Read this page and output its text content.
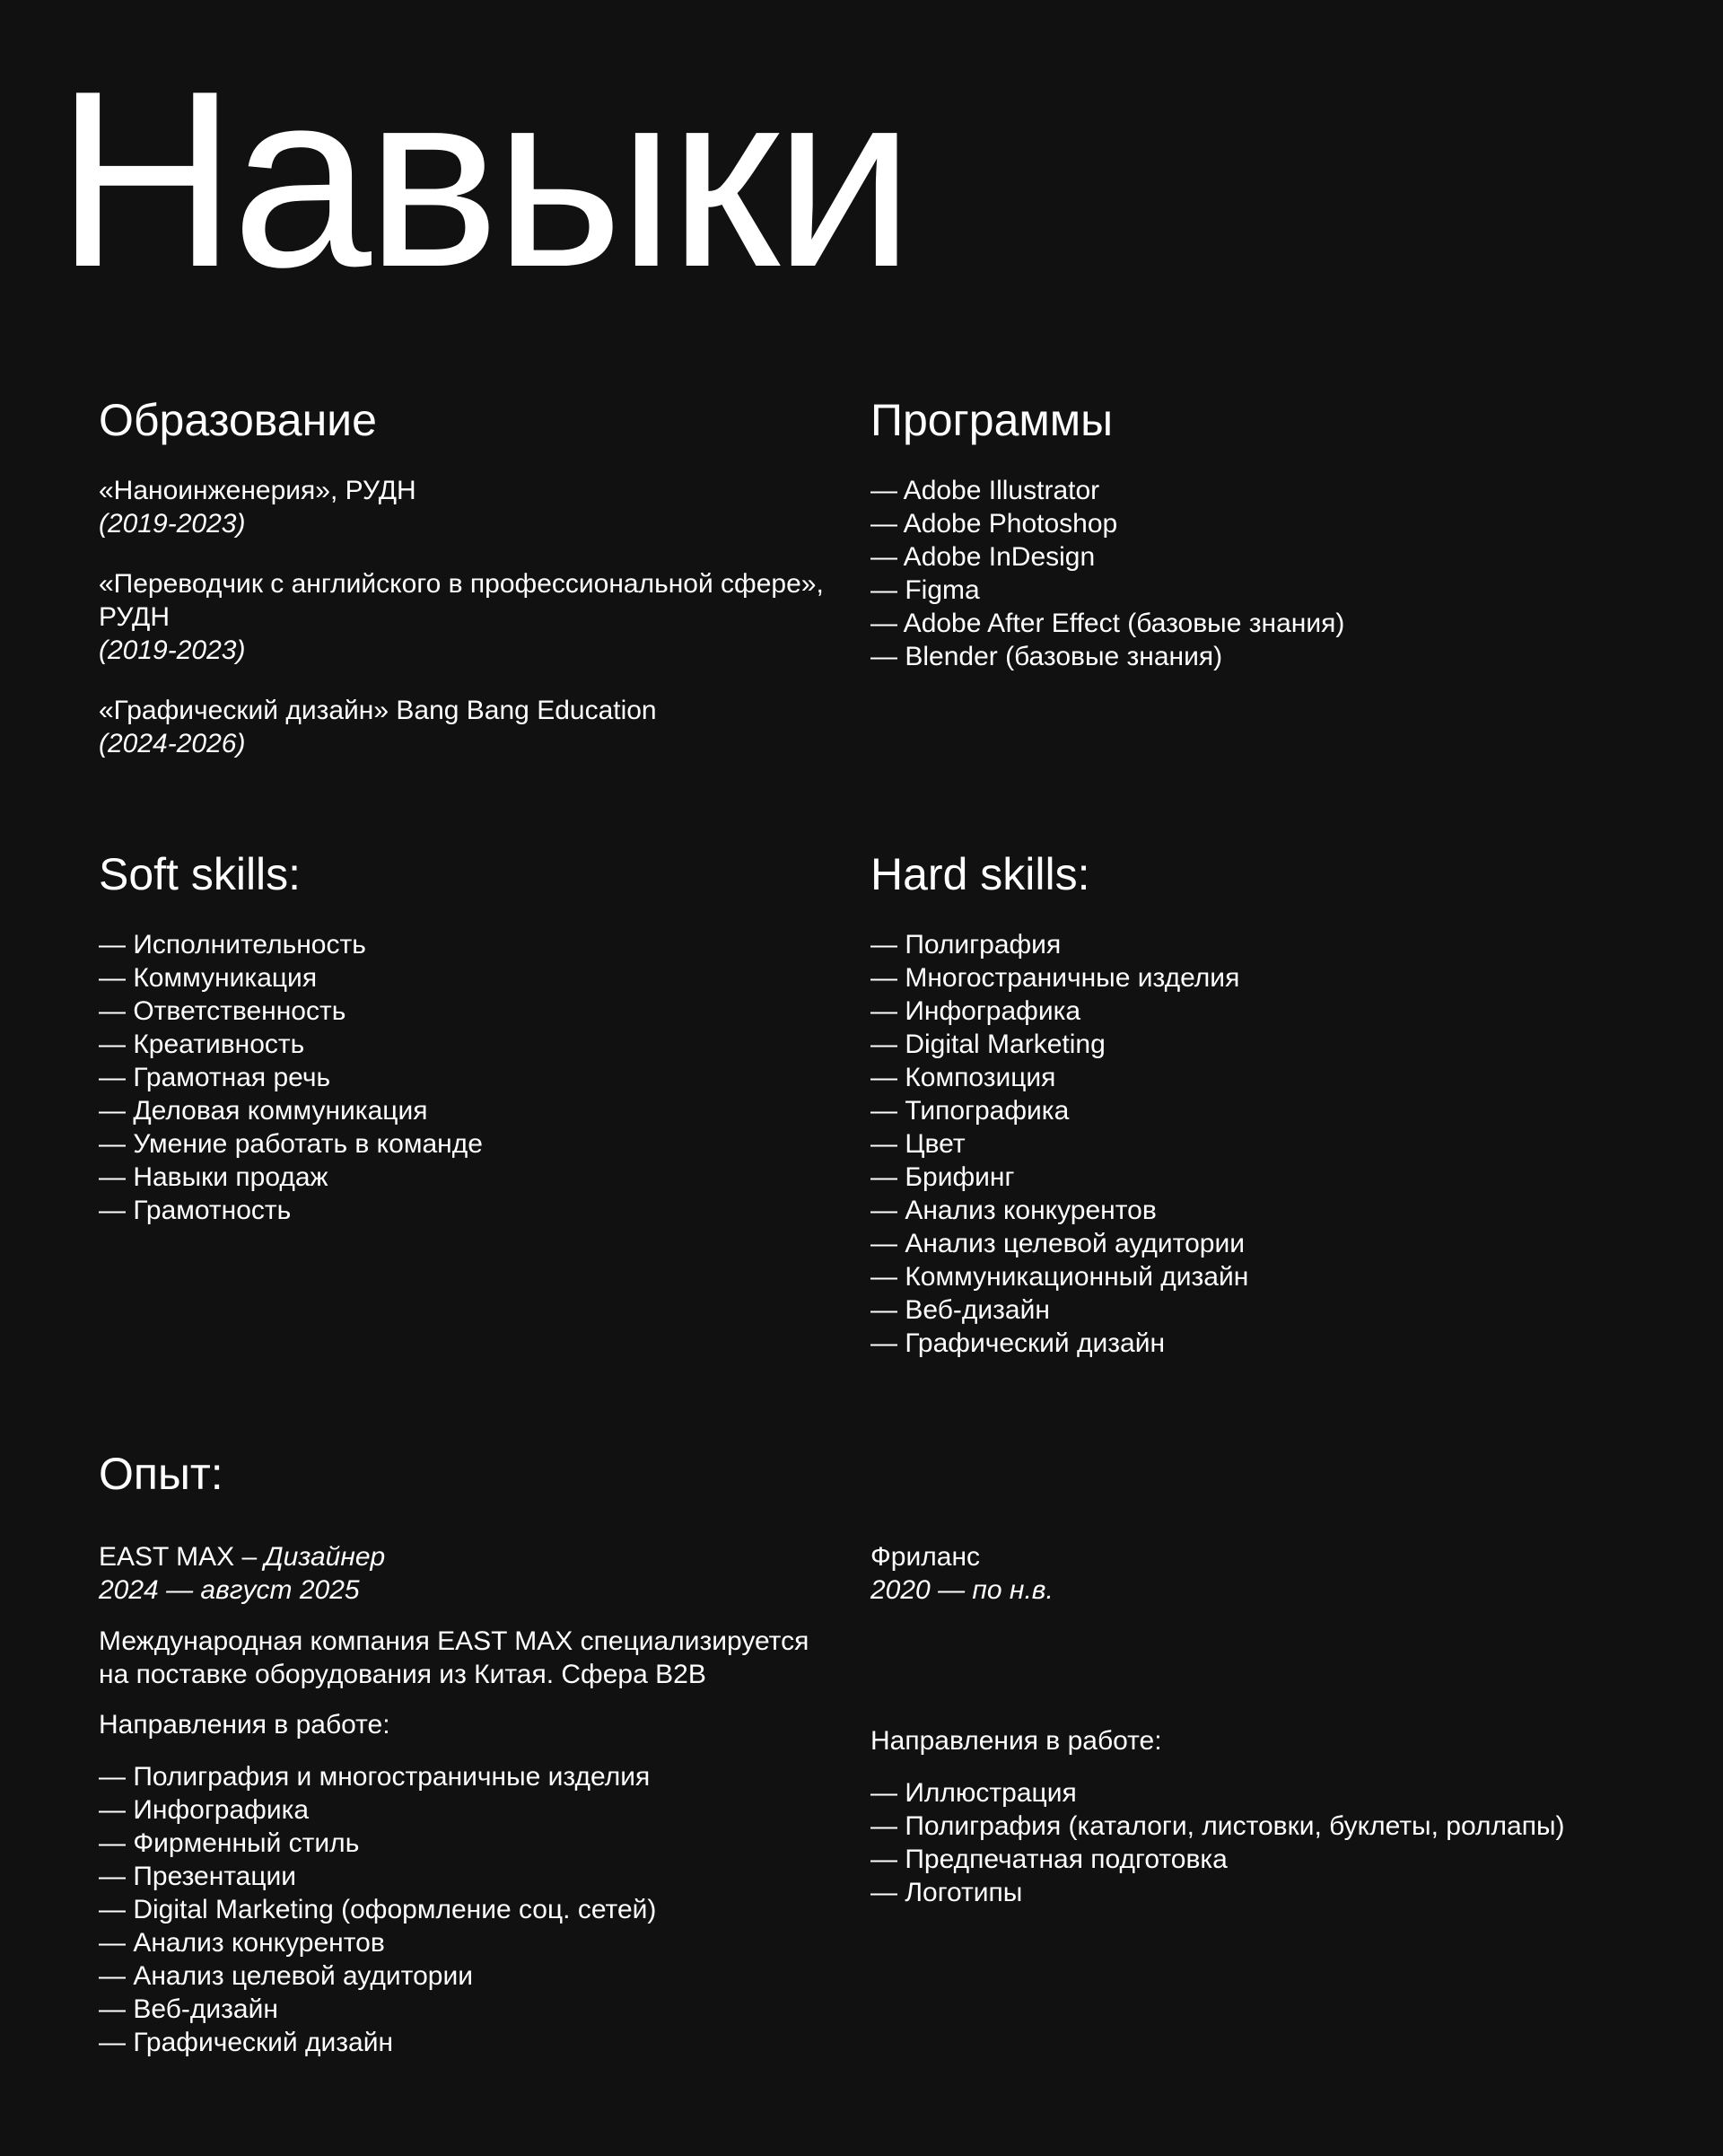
Навыки
Образование
«Наноинженерия», РУДН
(2019-2023)
«Переводчик с английского в профессиональной сфере», РУДН
(2019-2023)
«Графический дизайн» Bang Bang Education
(2024-2026)
Программы
— Adobe Illustrator
— Adobe Photoshop
— Adobe InDesign
— Figma
— Adobe After Effect (базовые знания)
— Blender (базовые знания)
Soft skills:
— Исполнительность
— Коммуникация
— Ответственность
— Креативность
— Грамотная речь
— Деловая коммуникация
— Умение работать в команде
— Навыки продаж
— Грамотность
Hard skills:
— Полиграфия
— Многостраничные изделия
— Инфографика
— Digital Marketing
— Композиция
— Типографика
— Цвет
— Брифинг
— Анализ конкурентов
— Анализ целевой аудитории
— Коммуникационный дизайн
— Веб-дизайн
— Графический дизайн
Опыт:
EAST MAX – Дизайнер
2024 — август 2025
Международная компания EAST MAX специализируется
на поставке оборудования из Китая. Сфера B2B
Направления в работе:
— Полиграфия и многостраничные изделия
— Инфографика
— Фирменный стиль
— Презентации
— Digital Marketing (оформление соц. сетей)
— Анализ конкурентов
— Анализ целевой аудитории
— Веб-дизайн
— Графический дизайн
Фриланс
2020 — по н.в.
Направления в работе:
— Иллюстрация
— Полиграфия (каталоги, листовки, буклеты, роллапы)
— Предпечатная подготовка
— Логотипы
